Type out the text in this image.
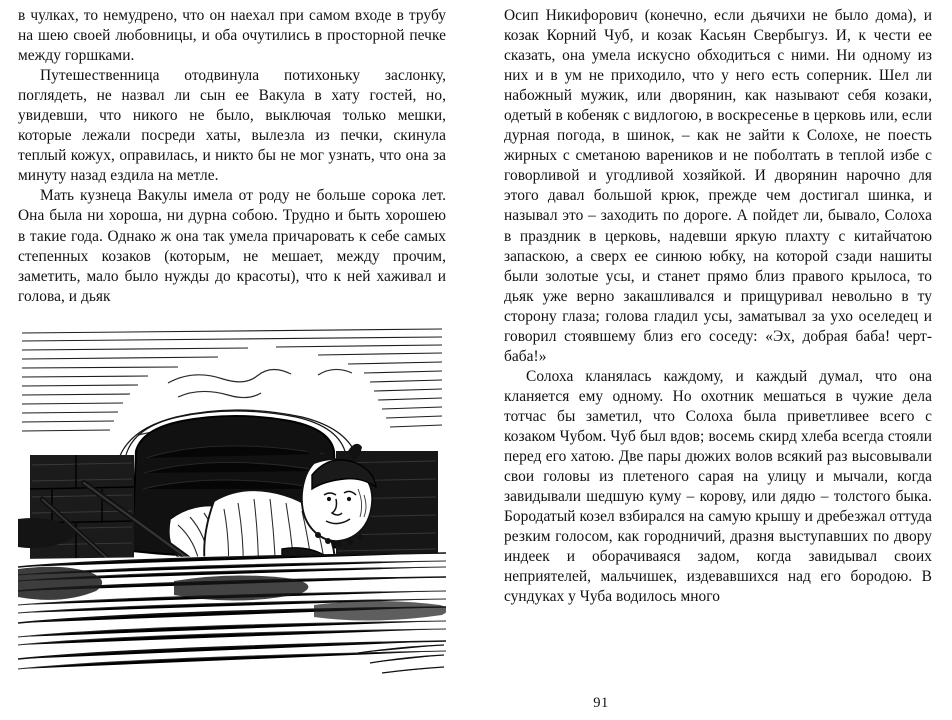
в чулках, то немудрено, что он наехал при самом входе в трубу на шею своей любовницы, и оба очутились в просторной печке между горшками.

Путешественница отодвинула потихоньку заслонку, поглядеть, не назвал ли сын ее Вакула в хату гостей, но, увидевши, что никого не было, выключая только мешки, которые лежали посреди хаты, вылезла из печки, скинула теплый кожух, оправилась, и никто бы не мог узнать, что она за минуту назад ездила на метле.

Мать кузнеца Вакулы имела от роду не больше сорока лет. Она была ни хороша, ни дурна собою. Трудно и быть хорошею в такие года. Однако ж она так умела причаровать к себе самых степенных козаков (которым, не мешает, между прочим, заметить, мало было нужды до красоты), что к ней хаживал и голова, и дьяк

Осип Никифорович (конечно, если дьячихи не было дома), и козак Корний Чуб, и козак Касьян Свербыгуз. И, к чести ее сказать, она умела искусно обходиться с ними. Ни одному из них и в ум не приходило, что у него есть соперник. Шел ли набожный мужик, или дворянин, как называют себя козаки, одетый в кобеняк с видлогою, в воскресенье в церковь или, если дурная погода, в шинок, – как не зайти к Солохе, не поесть жирных с сметаною вареников и не поболтать в теплой избе с говорливой и угодливой хозяйкой. И дворянин нарочно для этого давал большой крюк, прежде чем достигал шинка, и называл это – заходить по дороге. А пойдет ли, бывало, Солоха в праздник в церковь, надевши яркую плахту с китайчатою запаскою, а сверх ее синюю юбку, на которой сзади нашиты были золотые усы, и станет прямо близ правого крылоса, то дьяк уже верно закашливался и прищуривал невольно в ту сторону глаза; голова гладил усы, заматывал за ухо оселедец и говорил стоявшему близ его соседу: «Эх, добрая баба! черт-баба!»

Солоха кланялась каждому, и каждый думал, что она кланяется ему одному. Но охотник мешаться в чужие дела тотчас бы заметил, что Солоха была приветливее всего с козаком Чубом. Чуб был вдов; восемь скирд хлеба всегда стояли перед его хатою. Две пары дюжих волов всякий раз высовывали свои головы из плетеного сарая на улицу и мычали, когда завидывали шедшую куму – корову, или дядю – толстого быка. Бородатый козел взбирался на самую крышу и дребезжал оттуда резким голосом, как городничий, дразня выступавших по двору индеек и оборачиваяся задом, когда завидывал своих неприятелей, мальчишек, издевавшихся над его бородою. В сундуках у Чуба водилось много

91
